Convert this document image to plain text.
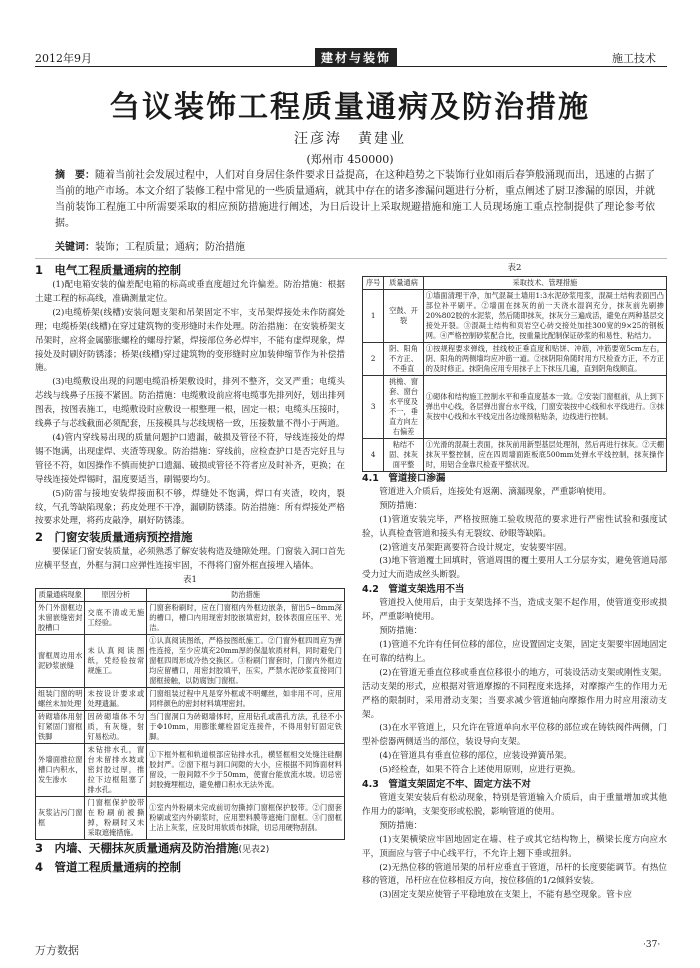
2012年9月	建材与装饰	施工技术
刍议装饰工程质量通病及防治措施
汪彦涛　黄建业
(郑州市 450000)
摘　要：随着当前社会发展过程中，人们对自身居住条件要求日益提高，在这种趋势之下装饰行业如雨后春笋般涌现而出，迅速的占据了当前的地产市场。本文介绍了装修工程中常见的一些质量通病，就其中存在的诸多渗漏问题进行分析，重点阐述了厨卫渗漏的原因，并就当前装饰工程施工中所需要采取的相应预防措施进行阐述，为日后设计上采取规避措施和施工人员现场施工重点控制提供了理论参考依据。
关键词：装饰；工程质量；通病；防治措施
1　电气工程质量通病的控制

(1)配电箱安装的偏差配电箱的标高或垂直度超过允许偏差。防治措施：根据土建工程的标高线，准确测量定位。

(2)电缆桥架(线槽)安装问题支架和吊架固定不牢，支吊架焊接处未作防腐处理；电缆桥架(线槽)在穿过建筑物的变形缝时未作处理。防治措施：在安装桥架支吊架时，应将金属膨胀螺栓的螺母拧紧，焊接部位务必焊牢，不能有虚焊现象，焊接处及时刷好防锈漆；桥架(线槽)穿过建筑物的变形缝时应加装伸缩节作为补偿措施。

(3)电缆敷设出现的问题电缆沿桥架敷设时，排列不整齐，交叉严重；电缆头芯线与线鼻子压接不紧固。防治措施：电缆敷设前应将电缆事先排列好，划出排列图表，按图表施工，电缆敷设时应敷设一根整理一根，固定一根；电缆头压接时，线鼻子与芯线截面必须配套，压接模具与芯线规格一致，压接数量不得小于两道。

(4)管内穿线易出现的质量问题护口遗漏，破损及管径不符，导线连接处的焊锡不饱满，出现虚焊、夹渣等现象。防治措施：穿线前，应检查护口是否完好且与管径不符，如因操作不慎而使护口遗漏、破损或管径不符者应及时补齐，更换；在导线连接处焊锡时，温度要适当，刷锡要均匀。

(5)防雷与接地安装焊接面积不够，焊缝处不饱满，焊口有夹渣，咬肉，裂纹，气孔等缺陷现象；药皮处理不干净，漏刷防锈漆。防治措施：所有焊接处严格按要求处理，将药皮敲净，刷好防锈漆。

2　门窗安装质量通病预控措施

要保证门窗安装质量，必须熟悉了解安装构造及缝隙处理。门窗装入洞口首先应横平竖直，外框与洞口应弹性连接牢固，不得将门窗外框直接埋入墙体。

表1
质量通病现象	原因分析	防治措施
外门外窗框边未留嵌缝密封胶槽口	交底不清或无施工经验。	门窗套粉刷时，应在门窗框内外框边嵌条，留出5~8mm深的槽口，槽口内用现密封胶嵌填密封，胶体表面应压平、光洁。
窗框周边用水泥砂浆嵌缝	未认真阅读图纸，凭经验按常规施工。	①认真阅读图纸，严格按图纸施工。②门窗外框四周应为弹性连接，至少应填充20mm厚的保温软质材料，同时避免门窗框四周形成冷热交换区。③粉刷门窗套时，门窗内外框边均应留槽口，用密封胶填平，压实，严禁水泥砂浆直接同门窗框接触，以防腐蚀门窗框。
组装门窗的明螺丝未加处理	未按设计要求或处理遗漏。	门窗组装过程中凡是穿外框或不明螺丝，如非用不可，应用同样颜色的密封材料填埋密封。
砖砌墙体用射钉紧固门窗框铁脚	因砖砌墙体不匀质，有灰缝，射钉易松动。	当门窗洞口为砖砌墙体时，应用钻孔或凿孔方法，孔径不小于Φ10mm，用膨胀螺栓固定连接件，不得用射钉固定铁脚。
外墙面推拉窗槽口内积水，发生渗水	未钻排水孔，窗台未留排水坡或密封胶过厚，推拉下边框阻塞了排水孔。	①下框外框和轨道根部应钻排水孔，横竖框相交处缝注硅酮胶封严。②窗下框与洞口间隙的大小，应根据不同饰面材料留设，一般间隙不少于50mm，使窗台能放流水坡。切忌密封胶掩埋框边，避免槽口积水无法外流。
灰浆沾污门窗框	门窗框保护胶带在粉刷前被撕掉，粉刷时又未采取遮掩措施。	①室内外粉刷未完成前切勿撕掉门窗框保护胶带。②门窗套粉刷或室内外刷浆时，应用塑料膜等遮掩门窗框。③门窗框上沾上灰浆，应及时用软质布抹除，切忌用硬物刮刮。
3　内墙、天棚抹灰质量通病及防治措施(见表2)
4　管道工程质量通病的控制
表2
序号	质量通病	采取技术、管理措施
1	空鼓、开裂	①墙面清理干净，加气混凝土墙用1:3水泥砂浆甩浆，混凝土结构表面凹凸部位补平刷平。②墙面在抹灰的前一天浇水湿润充分，抹灰前先刷掺20%802胶的水泥浆，然后随即抹灰，抹灰分三遍成活，避免在两种基层交接处开裂。③混凝土结构和页岩空心砖交接处加挂300宽的9×25的钢板网。④严格控制砂浆配合比，按重量比配制保证砂浆的和易性、粘结力。
2	阴、阳角不方正、不垂直	①按规程要求弹线，挂线校正垂直度和贴饼、冲筋，冲筋要宽5cm左右，阴、阳角的两侧墙均应冲筋一道。②抹阴阳角随时用方尺检查方正，不方正的及时修正。抹阴角应用专用抹子上下抹压几遍，直到阴角线顺直。
3	挑檐、窗套、窗台水平度及不一，垂直方向左右偏差	①砌体和结构施工控制水平和垂直度基本一致。②安装门窗框前，从上到下弹出中心线，各层弹出窗台水平线，门窗安装按中心线和水平线进行。③抹灰按中心线和水平线定出各边缘预粘贴条，边线进行控制。
4	粘结不固、抹灰面平整	①光滑的混凝土表面，抹灰前用新型基层处理剂，然后再进行抹灰。②天棚抹灰平整控制，应在四周墙面距板底500mm处弹水平线控制，抹灰操作时，用铝合金靠尺检查平整状况。
4.1　管道接口渗漏

管道进入介质后，连接处有返潮、滴漏现象，严重影响使用。

预防措施：

(1)管道安装完毕，严格按照施工验收规范的要求进行严密性试验和强度试验，认真检查管道和接头有无裂纹、砂眼等缺陷。

(2)管道支吊架距离要符合设计规定，安装要牢固。

(3)地下管道覆土回填时，管道周围的覆土要用人工分层夯实，避免管道局部受力过大而造成丝头断裂。

4.2　管道支架选用不当

管道投入使用后，由于支架选择不当，造成支架不起作用，使管道变形或损坏，严重影响使用。

预防措施：

(1)管道不允许有任何位移的部位，应设置固定支架，固定支架要牢固地固定在可靠的结构上。

(2)在管道无垂直位移或垂直位移很小的地方，可装设活动支架或刚性支架。活动支架的形式，应根据对管道摩擦的不同程度来选择，对摩擦产生的作用力无严格的限制时，采用滑动支架；当要求减少管道轴向摩擦作用力时应用滚动支架。

(3)在水平管道上，只允许在管道单向水平位移的部位或在铸铁阀件两侧，门型补偿器两侧适当的部位，装设导向支架。

(4)在管道具有垂直位移的部位，应装设弹簧吊架。

(5)经检查，如果不符合上述使用原则，应进行更换。

4.3　管道支架固定不牢、固定方法不对

管道支架安装后有松动现象，特别是管道输入介质后，由于重量增加或其他作用力的影响，支架变形或松脱，影响管道的使用。

预防措施：

(1)支架横梁应牢固地固定在墙、柱子或其它结构物上，横梁长度方向应水平，顶面应与管子中心线平行，不允许上翘下垂或扭斜。

(2)无热位移的管道吊架的吊杆应垂直于管道，吊杆的长度要能调节。有热位移的管道，吊杆应在位移相反方向，按位移值的1/2倾斜安装。

(3)固定支架应使管子平稳地放在支架上，不能有悬空现象。管卡应

·37·
万方数据
